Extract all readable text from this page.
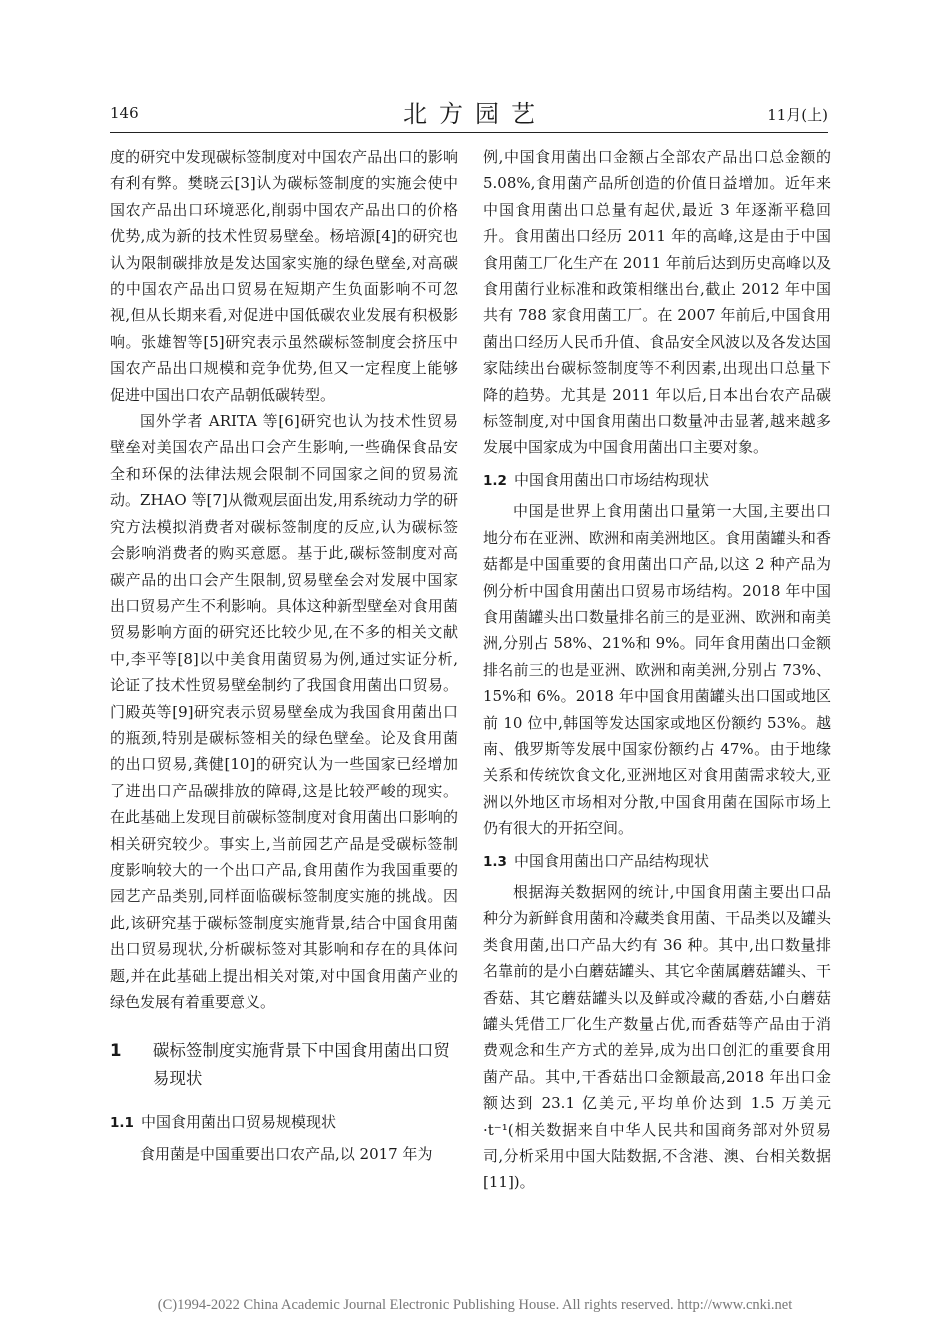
146	北方园艺	11月(上)

度的研究中发现碳标签制度对中国农产品出口的影响有利有弊。樊晓云[3]认为碳标签制度的实施会使中国农产品出口环境恶化,削弱中国农产品出口的价格优势,成为新的技术性贸易壁垒。杨培源[4]的研究也认为限制碳排放是发达国家实施的绿色壁垒,对高碳的中国农产品出口贸易在短期产生负面影响不可忽视,但从长期来看,对促进中国低碳农业发展有积极影响。张雄智等[5]研究表示虽然碳标签制度会挤压中国农产品出口规模和竞争优势,但又一定程度上能够促进中国出口农产品朝低碳转型。

国外学者 ARITA 等[6]研究也认为技术性贸易壁垒对美国农产品出口会产生影响,一些确保食品安全和环保的法律法规会限制不同国家之间的贸易流动。ZHAO 等[7]从微观层面出发,用系统动力学的研究方法模拟消费者对碳标签制度的反应,认为碳标签会影响消费者的购买意愿。基于此,碳标签制度对高碳产品的出口会产生限制,贸易壁垒会对发展中国家出口贸易产生不利影响。具体这种新型壁垒对食用菌贸易影响方面的研究还比较少见,在不多的相关文献中,李平等[8]以中美食用菌贸易为例,通过实证分析,论证了技术性贸易壁垒制约了我国食用菌出口贸易。门殿英等[9]研究表示贸易壁垒成为我国食用菌出口的瓶颈,特别是碳标签相关的绿色壁垒。论及食用菌的出口贸易,龚健[10]的研究认为一些国家已经增加了进出口产品碳排放的障碍,这是比较严峻的现实。在此基础上发现目前碳标签制度对食用菌出口影响的相关研究较少。事实上,当前园艺产品是受碳标签制度影响较大的一个出口产品,食用菌作为我国重要的园艺产品类别,同样面临碳标签制度实施的挑战。因此,该研究基于碳标签制度实施背景,结合中国食用菌出口贸易现状,分析碳标签对其影响和存在的具体问题,并在此基础上提出相关对策,对中国食用菌产业的绿色发展有着重要意义。

1 碳标签制度实施背景下中国食用菌出口贸易现状
1.1 中国食用菌出口贸易规模现状

食用菌是中国重要出口农产品,以 2017 年为

例,中国食用菌出口金额占全部农产品出口总金额的 5.08%,食用菌产品所创造的价值日益增加。近年来中国食用菌出口总量有起伏,最近 3 年逐渐平稳回升。食用菌出口经历 2011 年的高峰,这是由于中国食用菌工厂化生产在 2011 年前后达到历史高峰以及食用菌行业标准和政策相继出台,截止 2012 年中国共有 788 家食用菌工厂。在 2007 年前后,中国食用菌出口经历人民币升值、食品安全风波以及各发达国家陆续出台碳标签制度等不利因素,出现出口总量下降的趋势。尤其是 2011 年以后,日本出台农产品碳标签制度,对中国食用菌出口数量冲击显著,越来越多发展中国家成为中国食用菌出口主要对象。

1.2 中国食用菌出口市场结构现状

中国是世界上食用菌出口量第一大国,主要出口地分布在亚洲、欧洲和南美洲地区。食用菌罐头和香菇都是中国重要的食用菌出口产品,以这 2 种产品为例分析中国食用菌出口贸易市场结构。2018 年中国食用菌罐头出口数量排名前三的是亚洲、欧洲和南美洲,分别占 58%、21%和 9%。同年食用菌出口金额排名前三的也是亚洲、欧洲和南美洲,分别占 73%、15%和 6%。2018 年中国食用菌罐头出口国或地区前 10 位中,韩国等发达国家或地区份额约 53%。越南、俄罗斯等发展中国家份额约占 47%。由于地缘关系和传统饮食文化,亚洲地区对食用菌需求较大,亚洲以外地区市场相对分散,中国食用菌在国际市场上仍有很大的开拓空间。

1.3 中国食用菌出口产品结构现状

根据海关数据网的统计,中国食用菌主要出口品种分为新鲜食用菌和冷藏类食用菌、干品类以及罐头类食用菌,出口产品大约有 36 种。其中,出口数量排名靠前的是小白蘑菇罐头、其它伞菌属蘑菇罐头、干香菇、其它蘑菇罐头以及鲜或冷藏的香菇,小白蘑菇罐头凭借工厂化生产数量占优,而香菇等产品由于消费观念和生产方式的差异,成为出口创汇的重要食用菌产品。其中,干香菇出口金额最高,2018 年出口金额达到 23.1 亿美元,平均单价达到 1.5 万美元·t⁻¹(相关数据来自中华人民共和国商务部对外贸易司,分析采用中国大陆数据,不含港、澳、台相关数据[11])。

(C)1994-2022 China Academic Journal Electronic Publishing House. All rights reserved. http://www.cnki.net
